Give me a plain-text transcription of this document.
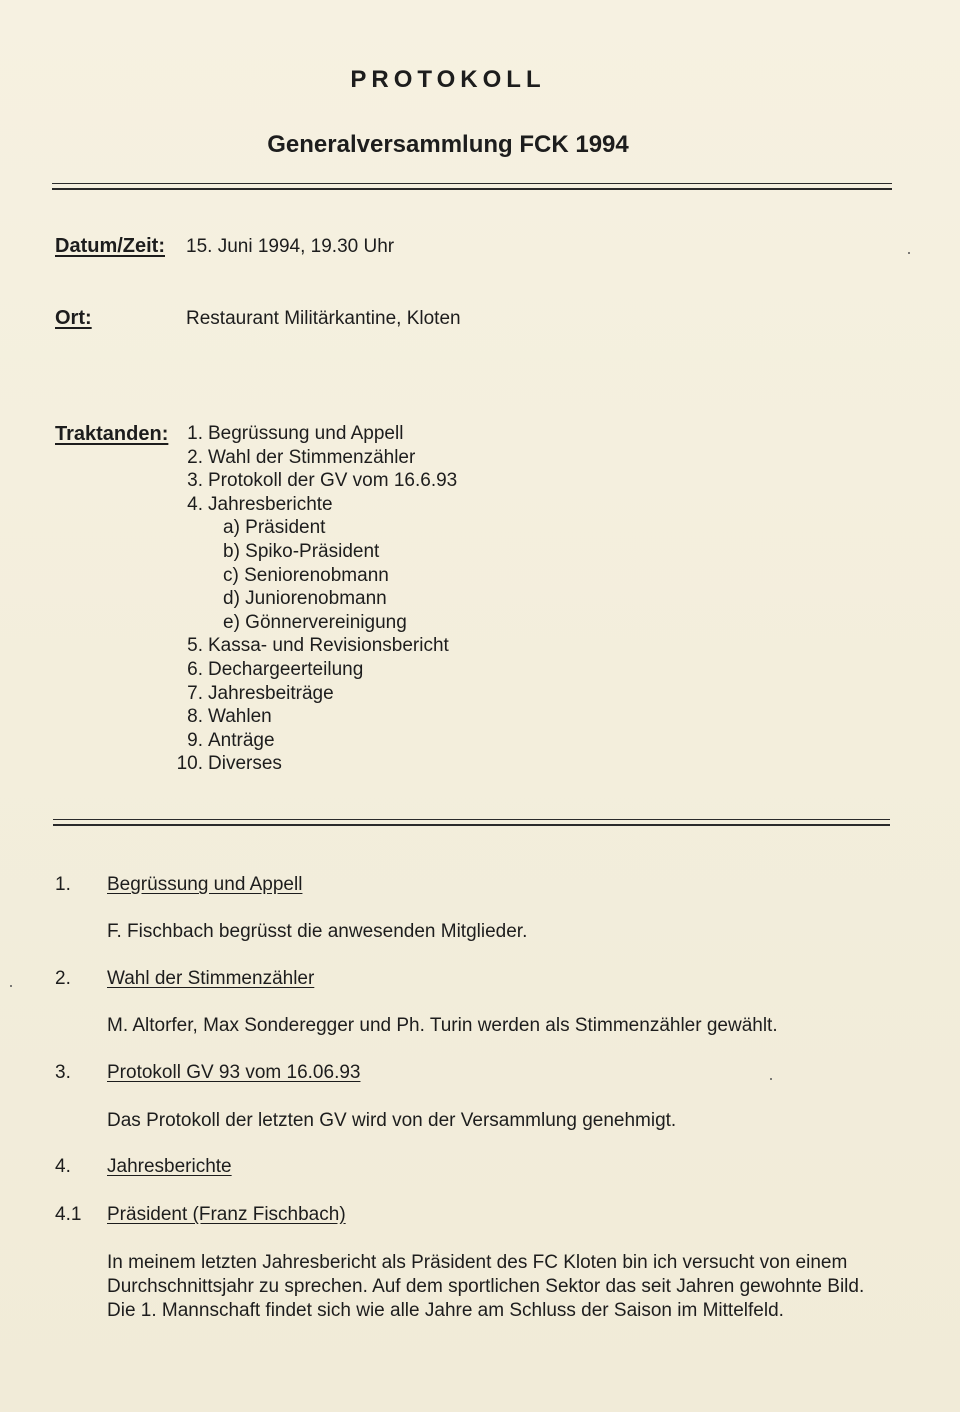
PROTOKOLL
Generalversammlung FCK 1994
Datum/Zeit: 15. Juni 1994, 19.30 Uhr
Ort:	Restaurant Militärkantine, Kloten
Traktanden: 1. Begrüssung und Appell
2. Wahl der Stimmenzähler
3. Protokoll der GV vom 16.6.93
4. Jahresberichte
a) Präsident
b) Spiko-Präsident
c) Seniorenobmann
d) Juniorenobmann
e) Gönnervereinigung
5. Kassa- und Revisionsbericht
6. Dechargeerteilung
7. Jahresbeiträge
8. Wahlen
9. Anträge
10. Diverses
1. Begrüssung und Appell
F. Fischbach begrüsst die anwesenden Mitglieder.
2. Wahl der Stimmenzähler
M. Altorfer, Max Sonderegger und Ph. Turin werden als Stimmenzähler gewählt.
3. Protokoll GV 93 vom 16.06.93
Das Protokoll der letzten GV wird von der Versammlung genehmigt.
4. Jahresberichte
4.1 Präsident (Franz Fischbach)
In meinem letzten Jahresbericht als Präsident des FC Kloten bin ich versucht von einem Durchschnittsjahr zu sprechen. Auf dem sportlichen Sektor das seit Jahren gewohnte Bild. Die 1. Mannschaft findet sich wie alle Jahre am Schluss der Saison im Mittelfeld.
